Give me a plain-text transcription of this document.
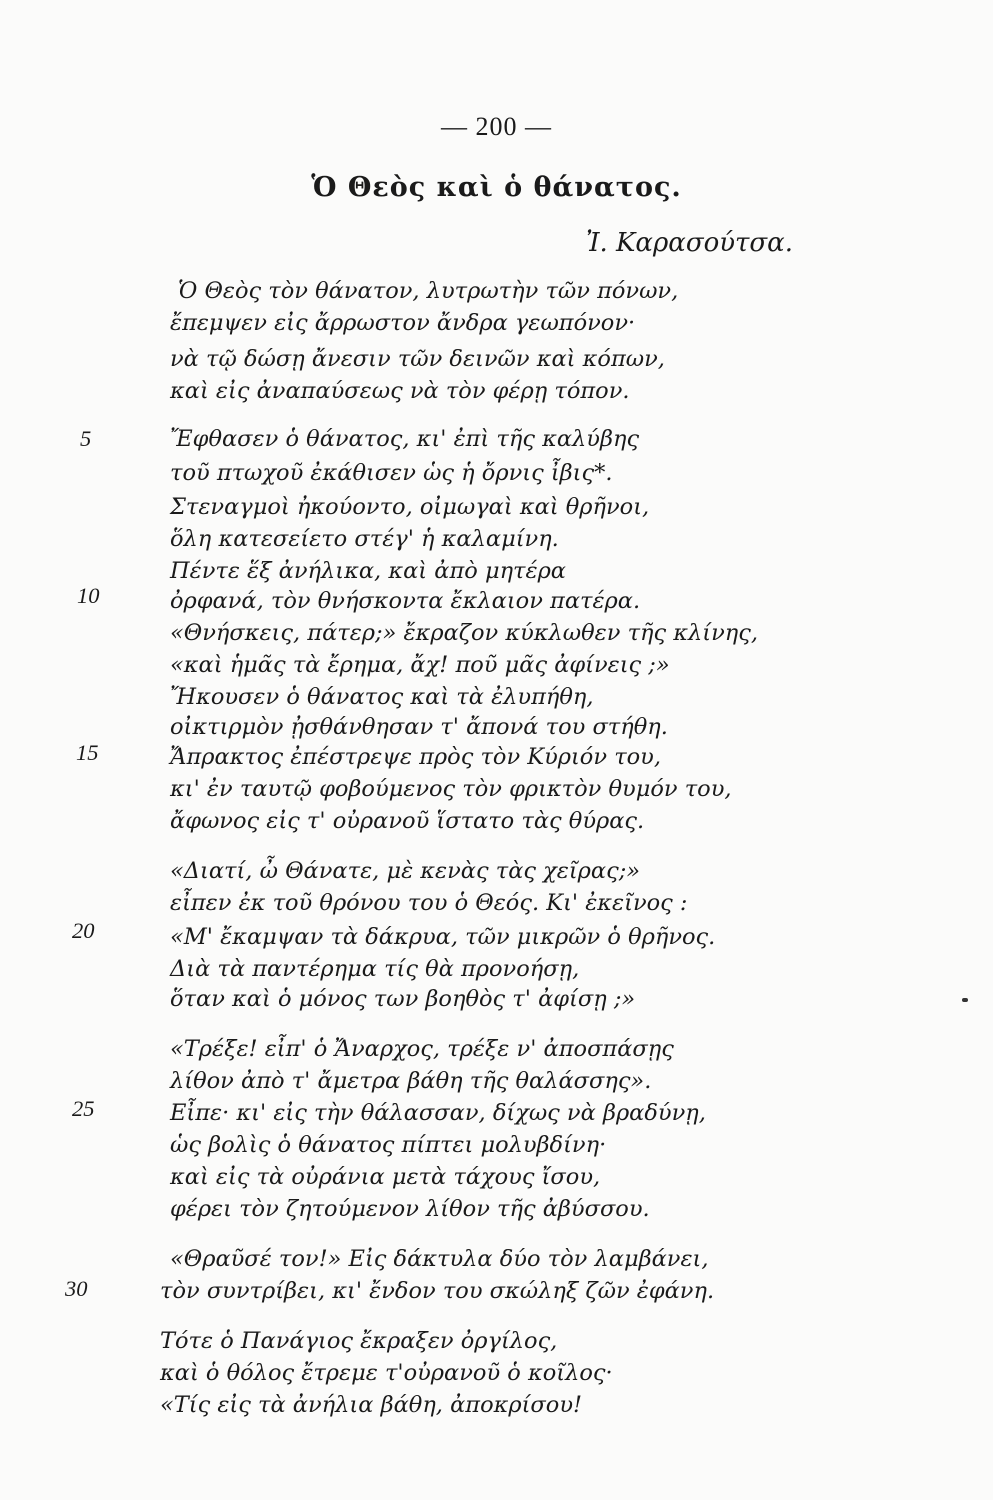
— 200 —
Ὁ Θεὸς καὶ ὁ θάνατος.
Ἰ. Καρασούτσα.
Ὁ Θεὸς τὸν θάνατον, λυτρωτὴν τῶν πόνων,
ἔπεμψεν εἰς ἄρρωστον ἄνδρα γεωπόνον·
νὰ τῷ δώσῃ ἄνεσιν τῶν δεινῶν καὶ κόπων,
καὶ εἰς ἀναπαύσεως νὰ τὸν φέρῃ τόπον.
5	Ἔφθασεν ὁ θάνατος, κι' ἐπὶ τῆς καλύβης
τοῦ πτωχοῦ ἐκάθισεν ὡς ἡ ὄρνις ἶβις*.
Στεναγμοὶ ἠκούοντο, οἰμωγαὶ καὶ θρῆνοι,
ὅλη κατεσείετο στέγ' ἡ καλαμίνη.
Πέντε ἕξ ἀνήλικα, καὶ ἀπὸ μητέρα
10	ὀρφανά, τὸν θνήσκοντα ἔκλαιον πατέρα.
«Θνήσκεις, πάτερ;» ἔκραζον κύκλωθεν τῆς κλίνης,
«καὶ ἡμᾶς τὰ ἔρημα, ἄχ! ποῦ μᾶς ἀφίνεις ;»
Ἤκουσεν ὁ θάνατος καὶ τὰ ἐλυπήθη,
οἰκτιρμὸν ᾐσθάνθησαν τ' ἄπονά του στήθη.
15	Ἄπρακτος ἐπέστρεψε πρὸς τὸν Κύριόν του,
κι' ἐν ταυτῷ φοβούμενος τὸν φρικτὸν θυμόν του,
ἄφωνος εἰς τ' οὐρανοῦ ἵστατο τὰς θύρας.
«Διατί, ὦ Θάνατε, μὲ κενὰς τὰς χεῖρας;»
εἶπεν ἐκ τοῦ θρόνου του ὁ Θεός. Κι' ἐκεῖνος :
20	«Μ' ἔκαμψαν τὰ δάκρυα, τῶν μικρῶν ὁ θρῆνος.
Διὰ τὰ παντέρημα τίς θὰ προνοήσῃ,
ὅταν καὶ ὁ μόνος των βοηθὸς τ' ἀφίσῃ ;»
«Τρέξε! εἶπ' ὁ Ἄναρχος, τρέξε ν' ἀποσπάσῃς
λίθον ἀπὸ τ' ἄμετρα βάθη τῆς θαλάσσης».
25	Εἶπε· κι' εἰς τὴν θάλασσαν, δίχως νὰ βραδύνῃ,
ὡς βολὶς ὁ θάνατος πίπτει μολυβδίνη·
καὶ εἰς τὰ οὐράνια μετὰ τάχους ἴσου,
φέρει τὸν ζητούμενον λίθον τῆς ἀβύσσου.
«Θραῦσέ τον!» Εἰς δάκτυλα δύο τὸν λαμβάνει,
30	τὸν συντρίβει, κι' ἔνδον του σκώληξ ζῶν ἐφάνη.
Τότε ὁ Πανάγιος ἔκραξεν ὀργίλος,
καὶ ὁ θόλος ἔτρεμε τ'οὐρανοῦ ὁ κοῖλος·
«Τίς εἰς τὰ ἀνήλια βάθη, ἀποκρίσου!
